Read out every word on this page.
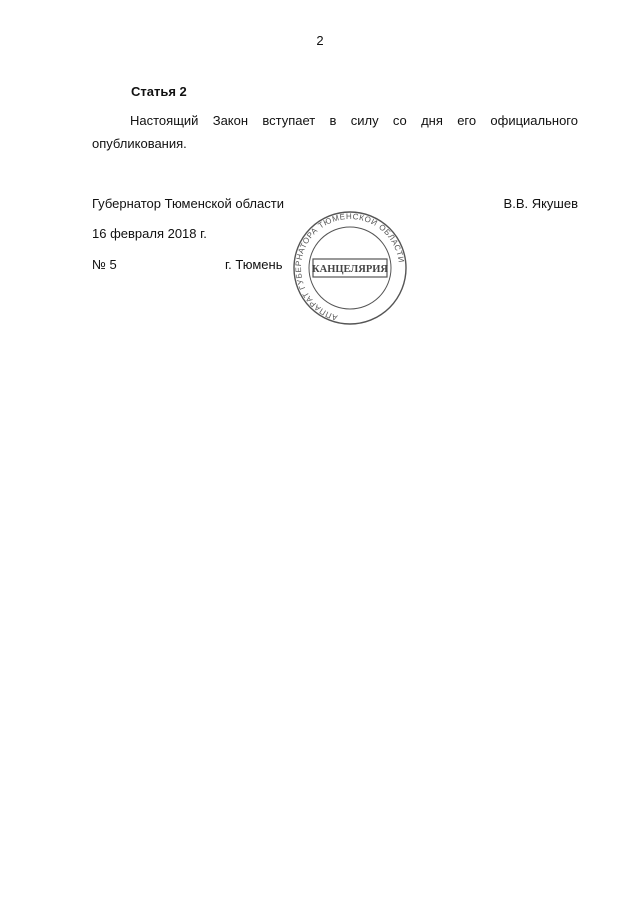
2
Статья 2
Настоящий Закон вступает в силу со дня его официального опубликования.
Губернатор Тюменской области	В.В. Якушев
16 февраля 2018 г.
№ 5	г. Тюмень
АППАРАТ ГУБЕРНАТОРА ТЮМЕНСКОЙ ОБЛАСТИ
КАНЦЕЛЯРИЯ
